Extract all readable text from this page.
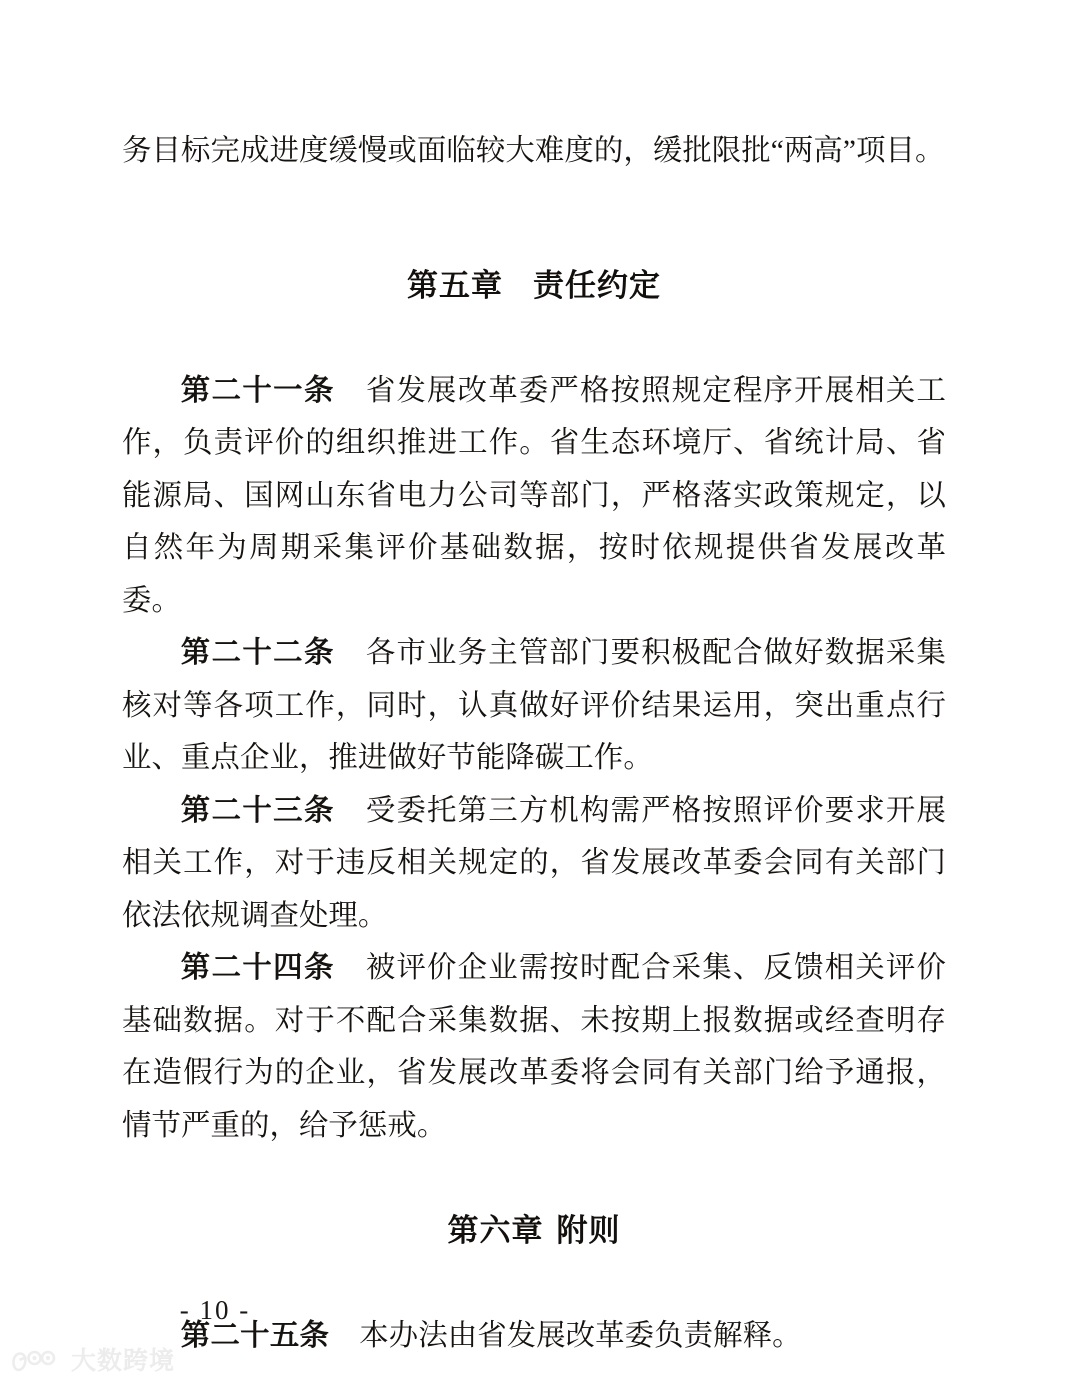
务目标完成进度缓慢或面临较大难度的，缓批限批“两高”项目。

第五章 责任约定

第二十一条 省发展改革委严格按照规定程序开展相关工作，负责评价的组织推进工作。省生态环境厅、省统计局、省能源局、国网山东省电力公司等部门，严格落实政策规定，以自然年为周期采集评价基础数据，按时依规提供省发展改革委。

第二十二条 各市业务主管部门要积极配合做好数据采集核对等各项工作，同时，认真做好评价结果运用，突出重点行业、重点企业，推进做好节能降碳工作。

第二十三条 受委托第三方机构需严格按照评价要求开展相关工作，对于违反相关规定的，省发展改革委会同有关部门依法依规调查处理。

第二十四条 被评价企业需按时配合采集、反馈相关评价基础数据。对于不配合采集数据、未按期上报数据或经查明存在造假行为的企业，省发展改革委将会同有关部门给予通报，情节严重的，给予惩戒。

第六章 附则

第二十五条 本办法由省发展改革委负责解释。

- 10 -
大数跨境
